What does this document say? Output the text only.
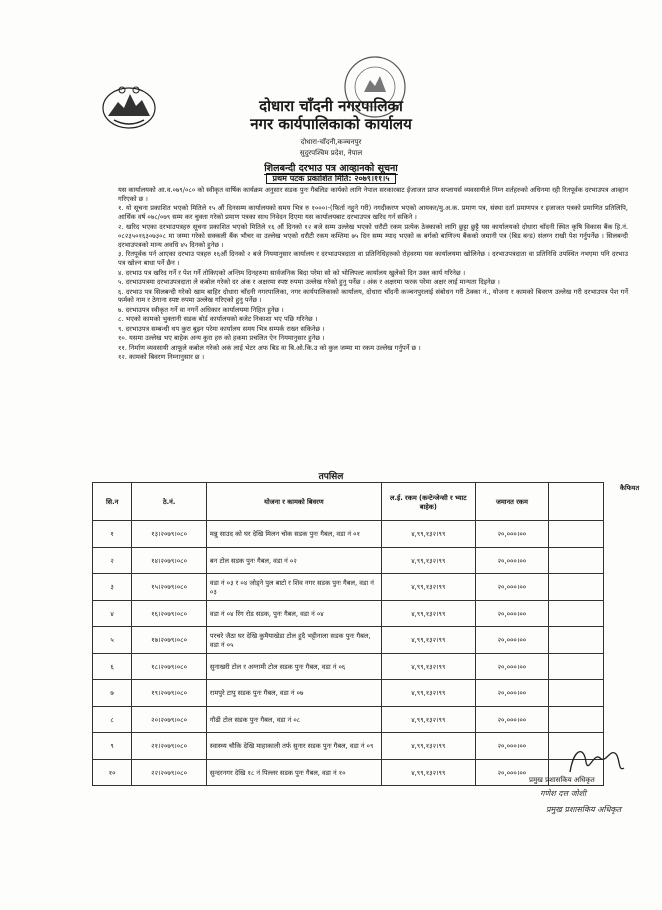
दोधारा चाँदनी नगरपालिका
नगर कार्यपालिकाको कार्यालय
दोधारा-चाँदनी,कञ्चनपुर
सुदुरपश्चिम प्रदेश, नेपाल
शिलबन्दी दरभाउ पत्र आव्हानको सूचना
प्रथम पटक प्रकाशित मिति: २०७९।११।५

यस कार्यालयको आ.व.०७९/०८० को स्वीकृत वार्षिक कार्यक्रम अनुसार सडक पुनः गैबलिङ कार्यको लागि नेपाल सरकारबाट ईजाजत प्राप्त सप्लायर्स व्यवसायीले निम्न शर्तहरुको अधिनमा रही रितपूर्वक दरभाउपत्र आव्हान गरिएको छ ।

१. यो सूचना प्रकाशित भएको मितिले १५ औं दिनसम्म कार्यालयको समय भित्र रु १०००।-(फिर्ता नहुने गरी) नगदीकरण भएको आयकर/मु.अ.क. प्रमाण पत्र, संस्था दर्ता प्रमाणपत्र र इजाजत पत्रको प्रमाणित प्रतिलिपि, आर्थिक वर्ष ०७८/०७९ सम्म कर चुक्ता गरेको प्रमाण पत्रका साथ निवेदन दिएमा यस कार्यालयबाट दरभाउपत्र खरिद गर्न सकिने ।

२. खरिद भएका दरभाउपत्रहरु सूचना प्रकाशित भएको मितिले १६ औं दिनको १२ बजे सम्म उल्लेख भएको धरौटी रकम प्रत्येक ठेक्काको लागि छुट्टा छुट्टै यस कार्यालयको दोधारा चाँदनी स्थित कृषि विकास बैंक हि.नं. ०८२३५०१६३०७३०८ मा जम्मा गरेको सक्कली बैंक भौचर वा उल्लेख भएको धरौटी रकम कम्तिमा ७५ दिन सम्म म्याद भएको क बर्गको बाणिज्य बैंकको जमानी पत्र (बिड बन्ड) संलग्न राखी पेश गर्नुपर्नेछ । सिलबन्दी दरभाउपत्रको मान्य अवधि ४५ दिनको हुनेछ ।

३. रितपूर्वक पर्न आएका दरभाउ पत्रहरु १६औं दिनको २ बजे नियमानुसार कार्यालय र दरभाउपत्रदाता वा प्रतिनिधिहरुको रोहवरमा यस कार्यालयमा खोलिनेछ । दरभाउपत्रदाता वा प्रतिनिधि उपस्थित नभएमा पनि दरभाउ पत्र खोल्न बाधा पर्ने छैन ।

४. दरभाउ पत्र खरिद गर्ने र पेश गर्ने तोकिएको अन्तिम दिनहरुमा सार्वजनिक बिदा परेमा सो को भोलिपल्ट कार्यालय खुलेको दिन उक्त कार्य गरिनेछ ।

५. दरभाउपत्रमा दरभाउपत्रदाता ले कबोल गरेको दर अंक र अक्षरमा स्पष्ट रुपमा उल्लेख गरेको हुनु पर्नेछ । अंक र अक्षरमा फरक परेमा अक्षर लाई मान्यता दिइनेछ ।

६. दरभाउ पत्र सिलबन्दी गरेको खाम बाहिर दोधारा चाँदनी नगरपालिका, नगर कार्यपालिकाको कार्यालय, दोधारा चाँदनी कञ्चनपुरलाई संबोधन गरी ठेक्का नं., योजना र कामको बिवरण उल्लेख गरी दरभाउपत्र पेश गर्ने फर्मको नाम र ठेगाना स्पष्ट रुपमा उल्लेख गरिएको हुनु पर्नेछ ।

७. दरभाउपत्र स्वीकृत गर्ने वा नगर्ने अधिकार कार्यालयमा निहित हुनेछ ।

८. भएको कामको भुक्तानी सडक बोर्ड कार्यालयको बजेट निकाशा भए पछि गरिनेछ ।

९. दरभाउपत्र सम्बन्धी थप कुरा बुझ्न परेमा कार्यालय समय भित्र सम्पर्क राख्न सकिनेछ ।

१०. यसमा उल्लेख भए बाहेक अन्य कुरा हरु को हकमा प्रचलित ऐन नियमानुसार हुनेछ ।

११. निर्माण व्यवसायी आफूले कबोल गरेको अकं लाई भेटर अफ बिड वा बि.ओ.कि.उ को कुल जम्मा मा रकम उल्लेख गर्नुपर्ने छ ।

१२. कामको बिवरण निम्नानुसार छ ।

तपसिल
सि.न	ठे.नं.	योजना र कामको बिवरण	ल.ई. रकम (कन्टेन्जेन्सी र भ्याट बाहेक)	जमानत रकम	
१	१३।२०७९।०८०	मन्नु साउद को घर देखि मिलन चोक सडक पुनः गैबल, वडा नं ०१	४,९९,१३२।९९	२०,०००।००	
२	१४।२०७९।०८०	बन टोल सडक पुनः गैबल, वडा नं ०२	४,९९,१३२।९९	२०,०००।००	
३	१५।२०७९।०८०	वडा नं ०३ र ०४ जोड्ने पुल बाटो र शिव नगर सडक पुनः गैबल, वडा नं ०३	४,९९,१३२।९९	२०,०००।००	
४	१६।२०७९।०८०	वडा नं ०४ रिंग रोड सडक, पुनः गैबल, वडा नं ०४	४,९९,१३२।९९	२०,०००।००	
५	१७।२०७९।०८०	परचरे जैठा घर देखि कुमैयाखेडा टोल हुदै भट्टीनाला सडक पुनः गैबल, वडा नं ०५	४,९९,१३२।९९	२०,०००।००	
६	१८।२०७९।०८०	सुनाखरी टोल र अग्नामी टोल सडक पुनः गैबल, वडा नं ०६	४,९९,१३२।९९	२०,०००।००	
७	१९।२०७९।०८०	रामपुरे टापु सडक पुनः गैबल, वडा नं ०७	४,९९,१३२।९९	२०,०००।००	
८	२०।२०७९।०८०	गौढी टोल सडक पुनः गैबल, वडा नं ०८	४,९९,१३२।९९	२०,०००।००	
९	२१।२०७९।०८०	स्वास्थ्य चौकि देखि माहाकाली तर्फ सुनार सडक पुनः गैबल, वडा नं ०९	४,९९,१३२।९९	२०,०००।००	
१०	२२।२०७९।०८०	सुन्दरनगर देखि १८ नं पिल्लर सडक पुनः गैबल, वडा नं १०	४,९९,१३२।९९	२०,०००।००	
कैफियत
प्रमुख प्रशासकिय अधिकृत
गणेश दत्त जोशी
प्रमुख प्रशासकिय अधिकृत
